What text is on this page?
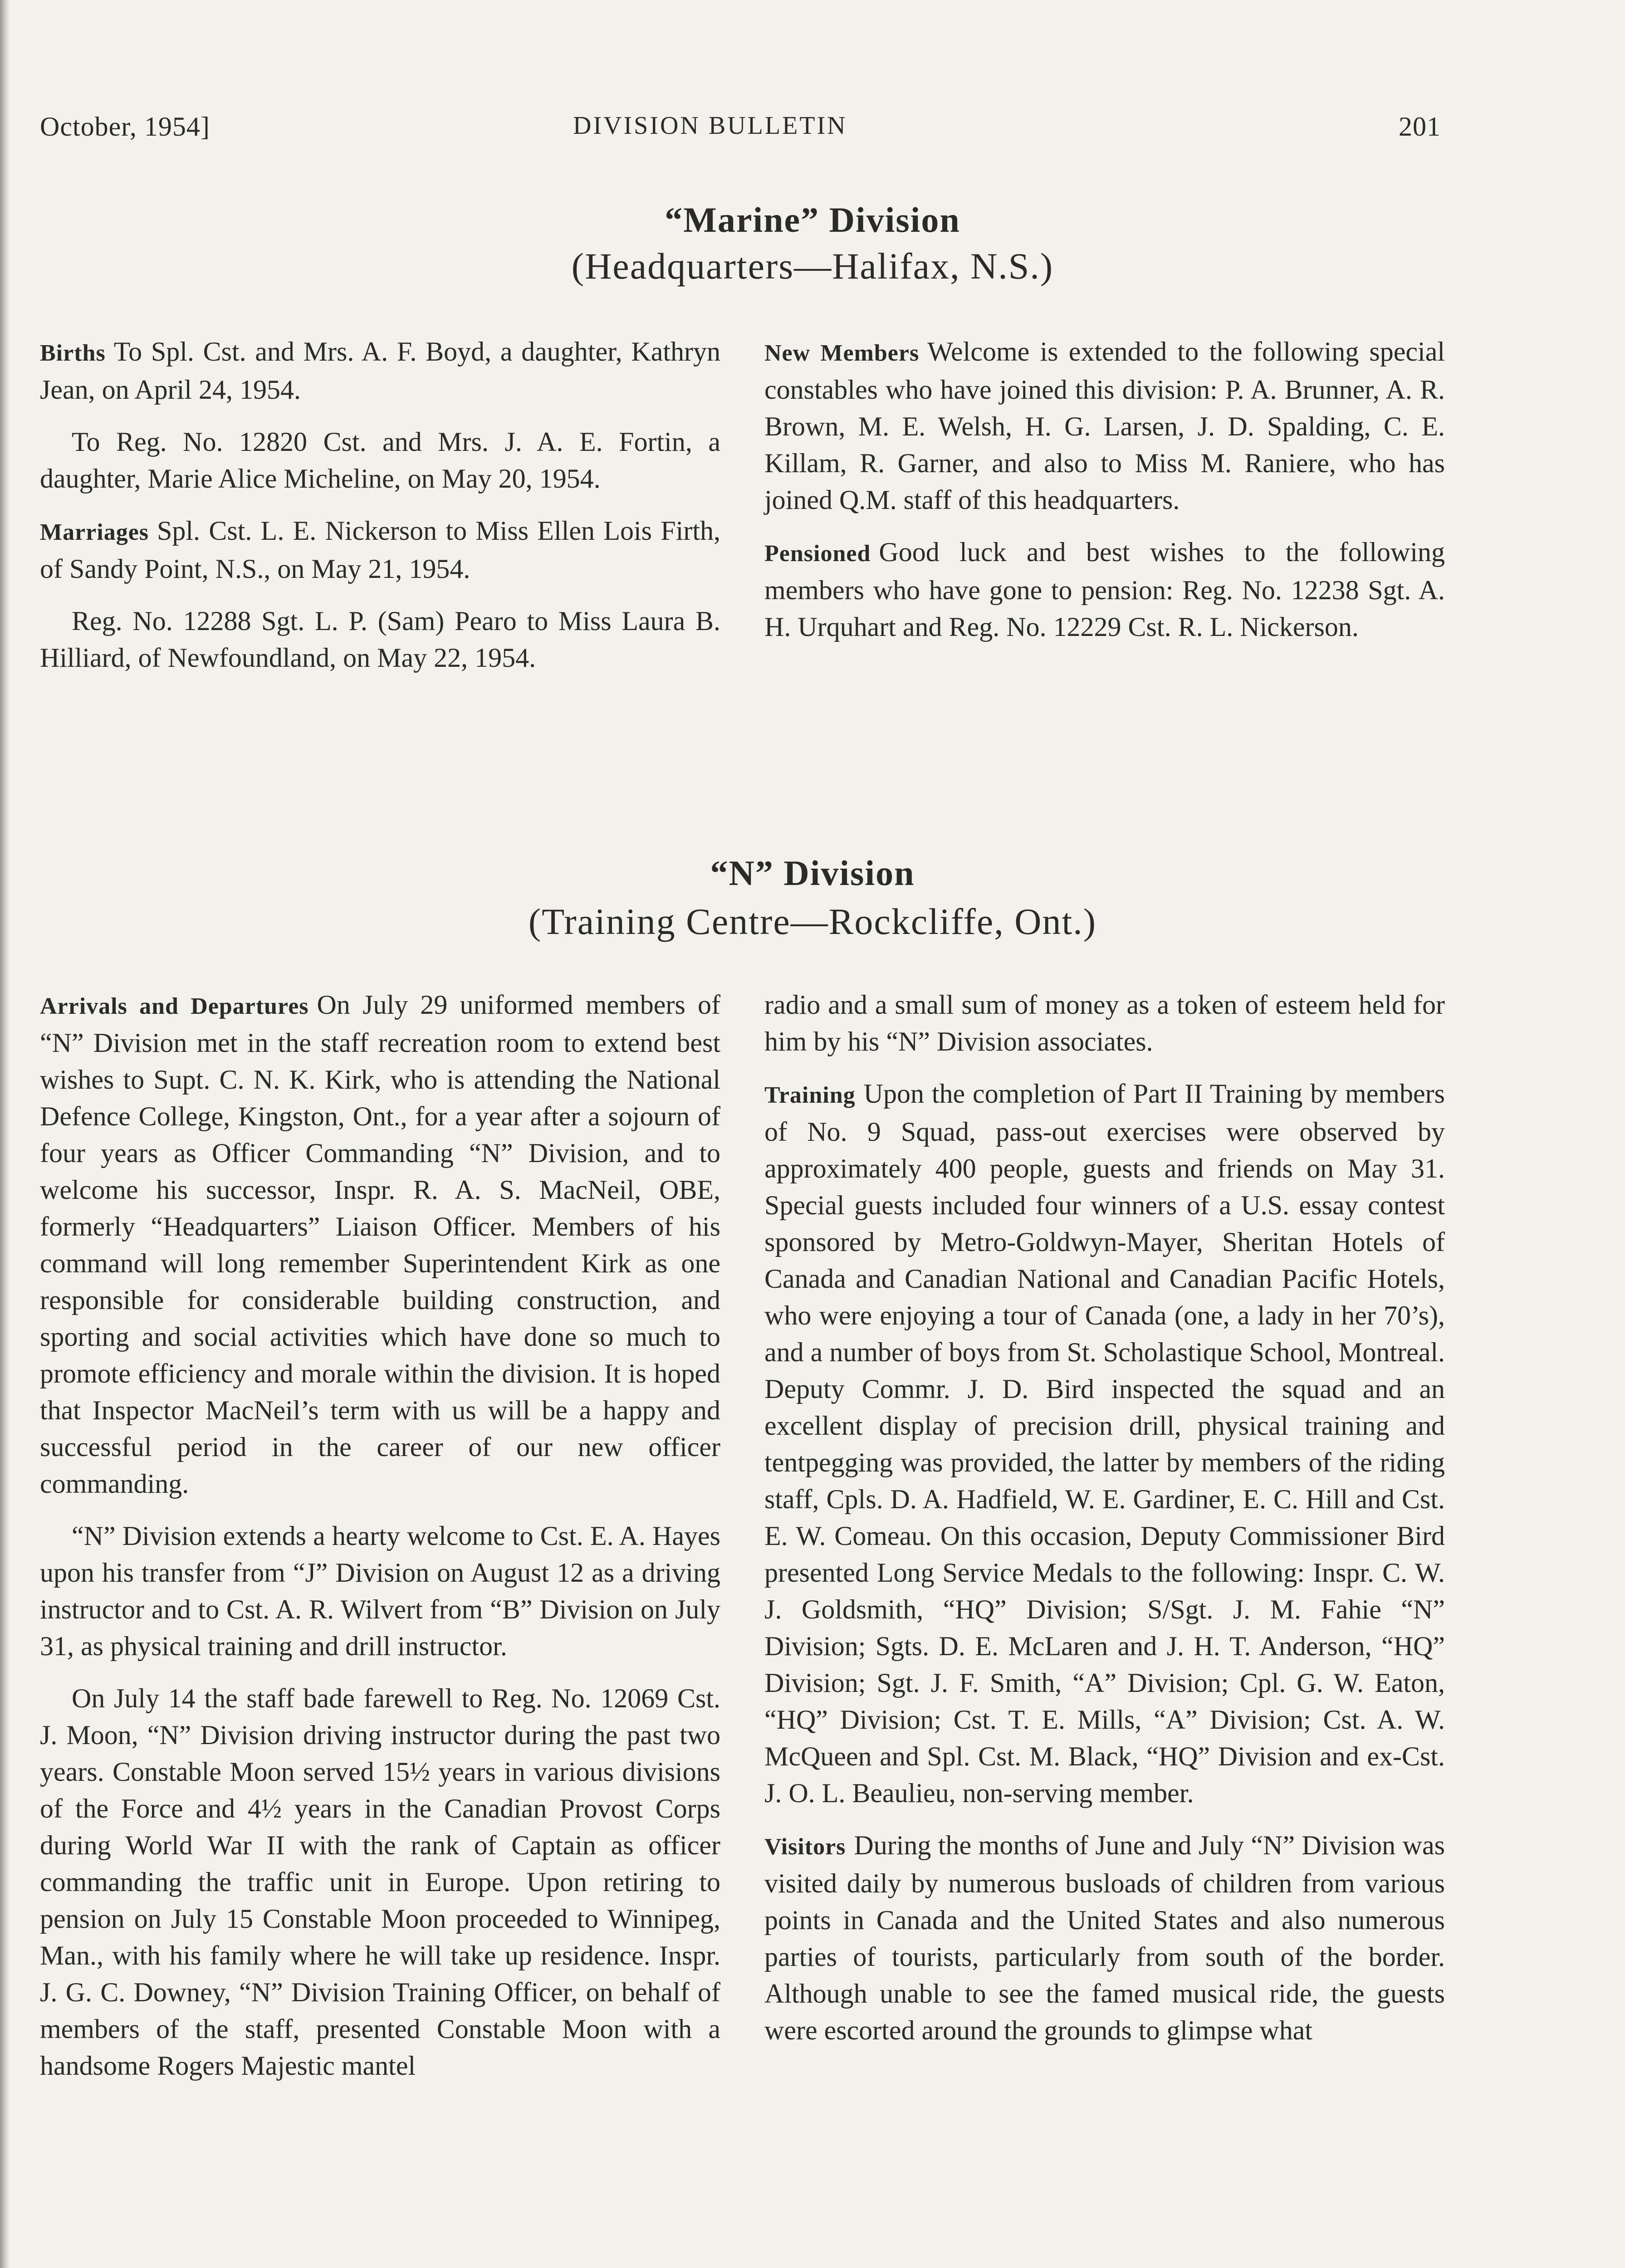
October, 1954]	DIVISION BULLETIN	201
“Marine” Division
(Headquarters—Halifax, N.S.)

Births To Spl. Cst. and Mrs. A. F. Boyd, a daughter, Kathryn Jean, on April 24, 1954.

To Reg. No. 12820 Cst. and Mrs. J. A. E. Fortin, a daughter, Marie Alice Micheline, on May 20, 1954.

Marriages Spl. Cst. L. E. Nickerson to Miss Ellen Lois Firth, of Sandy Point, N.S., on May 21, 1954.

Reg. No. 12288 Sgt. L. P. (Sam) Pearo to Miss Laura B. Hilliard, of Newfoundland, on May 22, 1954.

New Members Welcome is extended to the following special constables who have joined this division: P. A. Brunner, A. R. Brown, M. E. Welsh, H. G. Larsen, J. D. Spalding, C. E. Killam, R. Garner, and also to Miss M. Raniere, who has joined Q.M. staff of this headquarters.

Pensioned Good luck and best wishes to the following members who have gone to pension: Reg. No. 12238 Sgt. A. H. Urquhart and Reg. No. 12229 Cst. R. L. Nickerson.

“N” Division
(Training Centre—Rockcliffe, Ont.)

Arrivals and Departures On July 29 uniformed members of “N” Division met in the staff recreation room to extend best wishes to Supt. C. N. K. Kirk, who is attending the National Defence College, Kingston, Ont., for a year after a sojourn of four years as Officer Commanding “N” Division, and to welcome his successor, Inspr. R. A. S. MacNeil, OBE, formerly “Headquarters” Liaison Officer. Members of his command will long remember Superintendent Kirk as one responsible for considerable building construction, and sporting and social activities which have done so much to promote efficiency and morale within the division. It is hoped that Inspector MacNeil’s term with us will be a happy and successful period in the career of our new officer commanding.

“N” Division extends a hearty welcome to Cst. E. A. Hayes upon his transfer from “J” Division on August 12 as a driving instructor and to Cst. A. R. Wilvert from “B” Division on July 31, as physical training and drill instructor.

On July 14 the staff bade farewell to Reg. No. 12069 Cst. J. Moon, “N” Division driving instructor during the past two years. Constable Moon served 15½ years in various divisions of the Force and 4½ years in the Canadian Provost Corps during World War II with the rank of Captain as officer commanding the traffic unit in Europe. Upon retiring to pension on July 15 Constable Moon proceeded to Winnipeg, Man., with his family where he will take up residence. Inspr. J. G. C. Downey, “N” Division Training Officer, on behalf of members of the staff, presented Constable Moon with a handsome Rogers Majestic mantel

radio and a small sum of money as a token of esteem held for him by his “N” Division associates.

Training Upon the completion of Part II Training by members of No. 9 Squad, pass-out exercises were observed by approximately 400 people, guests and friends on May 31. Special guests included four winners of a U.S. essay contest sponsored by Metro-Goldwyn-Mayer, Sheritan Hotels of Canada and Canadian National and Canadian Pacific Hotels, who were enjoying a tour of Canada (one, a lady in her 70’s), and a number of boys from St. Scholastique School, Montreal. Deputy Commr. J. D. Bird inspected the squad and an excellent display of precision drill, physical training and tentpegging was provided, the latter by members of the riding staff, Cpls. D. A. Hadfield, W. E. Gardiner, E. C. Hill and Cst. E. W. Comeau. On this occasion, Deputy Commissioner Bird presented Long Service Medals to the following: Inspr. C. W. J. Goldsmith, “HQ” Division; S/Sgt. J. M. Fahie “N” Division; Sgts. D. E. McLaren and J. H. T. Anderson, “HQ” Division; Sgt. J. F. Smith, “A” Division; Cpl. G. W. Eaton, “HQ” Division; Cst. T. E. Mills, “A” Division; Cst. A. W. McQueen and Spl. Cst. M. Black, “HQ” Division and ex-Cst. J. O. L. Beaulieu, non-serving member.

Visitors During the months of June and July “N” Division was visited daily by numerous busloads of children from various points in Canada and the United States and also numerous parties of tourists, particularly from south of the border. Although unable to see the famed musical ride, the guests were escorted around the grounds to glimpse what
